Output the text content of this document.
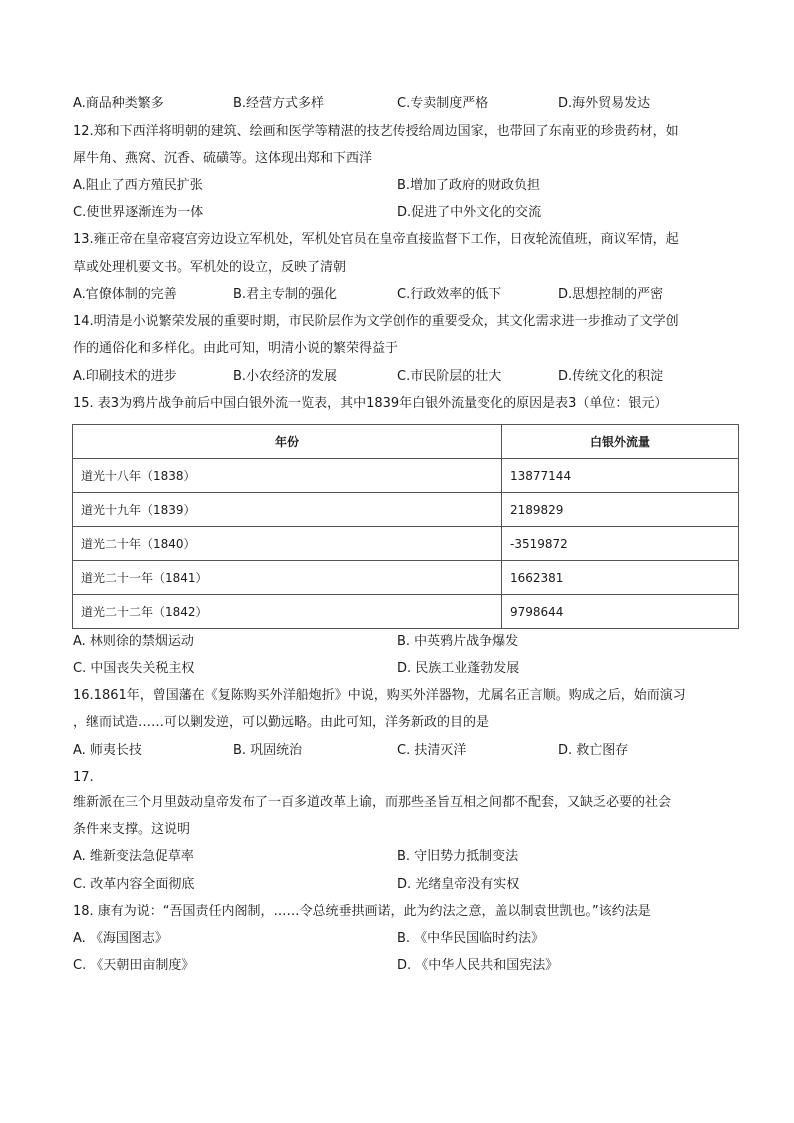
A.商品种类繁多	B.经营方式多样	C.专卖制度严格	D.海外贸易发达
12.郑和下西洋将明朝的建筑、绘画和医学等精湛的技艺传授给周边国家，也带回了东南亚的珍贵药材，如
犀牛角、燕窝、沉香、硫磺等。这体现出郑和下西洋
A.阻止了西方殖民扩张	B.增加了政府的财政负担
C.使世界逐渐连为一体	D.促进了中外文化的交流
13.雍正帝在皇帝寝宫旁边设立军机处，军机处官员在皇帝直接监督下工作，日夜轮流值班，商议军情，起
草或处理机要文书。军机处的设立，反映了清朝
A.官僚体制的完善	B.君主专制的强化	C.行政效率的低下	D.思想控制的严密
14.明清是小说繁荣发展的重要时期，市民阶层作为文学创作的重要受众，其文化需求进一步推动了文学创
作的通俗化和多样化。由此可知，明清小说的繁荣得益于
A.印刷技术的进步	B.小农经济的发展	C.市民阶层的壮大	D.传统文化的积淀
15. 表3为鸦片战争前后中国白银外流一览表，其中1839年白银外流量变化的原因是表3（单位：银元）
年份	白银外流量
道光十八年（1838）	13877144
道光十九年（1839）	2189829
道光二十年（1840）	-3519872
道光二十一年（1841）	1662381
道光二十二年（1842）	9798644
A. 林则徐的禁烟运动	B. 中英鸦片战争爆发
C. 中国丧失关税主权	D. 民族工业蓬勃发展
16.1861年，曾国藩在《复陈购买外洋船炮折》中说，购买外洋器物，尤属名正言顺。购成之后，始而演习
，继而试造……可以剿发逆，可以勤远略。由此可知，洋务新政的目的是
A. 师夷长技	B. 巩固统治	C. 扶清灭洋	D. 救亡图存
17.
维新派在三个月里鼓动皇帝发布了一百多道改革上谕，而那些圣旨互相之间都不配套，又缺乏必要的社会
条件来支撑。这说明
A. 维新变法急促草率	B. 守旧势力抵制变法
C. 改革内容全面彻底	D. 光绪皇帝没有实权
18. 康有为说：“吾国责任内阁制，……令总统垂拱画诺，此为约法之意，盖以制袁世凯也。”该约法是
A. 《海国图志》	B. 《中华民国临时约法》
C. 《天朝田亩制度》	D. 《中华人民共和国宪法》
